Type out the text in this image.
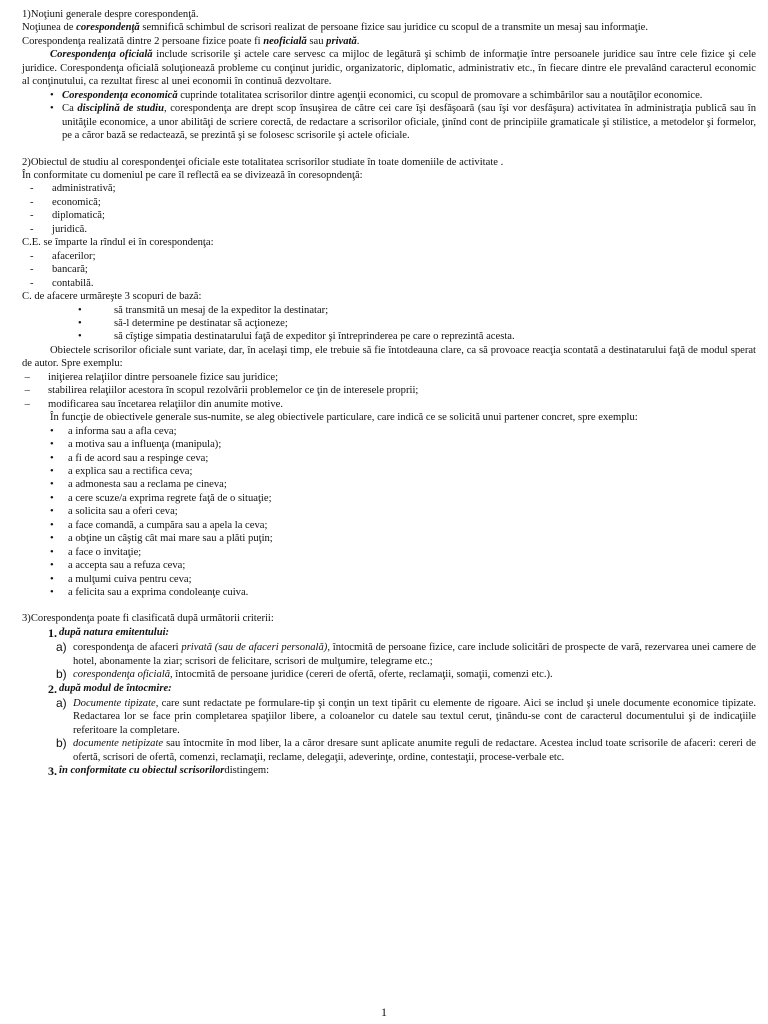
1)Noţiuni generale despre corespondenţă.

Noţiunea de corespondenţă semnifică schimbul de scrisori realizat de persoane fizice sau juridice cu scopul de a transmite un mesaj sau informaţie.

Corespondenţa realizată dintre 2 persoane fizice poate fi neoficială sau privată.

Corespondenţa oficială include scrisorile şi actele care servesc ca mijloc de legătură şi schimb de informaţie între persoanele juridice sau între cele fizice şi cele juridice. Corespondenţa oficială soluţionează probleme cu conţinut juridic, organizatoric, diplomatic, administrativ etc., în fiecare dintre ele prevalând caracterul economic al conţinutului, ca rezultat firesc al unei economii în continuă dezvoltare.

• Corespondenţa economică cuprinde totalitatea scrisorilor dintre agenţii economici, cu scopul de promovare a schimbărilor sau a noutăţilor economice.

• Ca disciplină de studiu, corespondenţa are drept scop însuşirea de către cei care îşi desfăşoară (sau îşi vor desfăşura) activitatea în administraţia publică sau în unităţile economice, a unor abilităţi de scriere corectă, de redactare a scrisorilor oficiale, ţinînd cont de principiile gramaticale şi stilistice, a metodelor şi formelor, pe a căror bază se redactează, se prezintă şi se folosesc scrisorile şi actele oficiale.

2)Obiectul de studiu al corespondenţei oficiale este totalitatea scrisorilor studiate în toate domeniile de activitate .

În conformitate cu domeniul pe care îl reflectă ea se divizează în coresopndenţă:

-	administrativă;
-	economică;
-	diplomatică;
-	juridică.

C.E. se împarte la rîndul ei în corespondenţa:

-	afacerilor;
-	bancară;
-	contabilă.

C. de afacere urmăreşte 3 scopuri de bază:

•	să transmită un mesaj de la expeditor la destinatar;
•	să-l determine pe destinatar să acţioneze;
•	să cîştige simpatia destinatarului faţă de expeditor şi întreprinderea pe care o reprezintă acesta.

Obiectele scrisorilor oficiale sunt variate, dar, în acelaşi timp, ele trebuie să fie întotdeauna clare, ca să provoace reacţia scontată a destinatarului faţă de modul sperat de autor. Spre exemplu:

–	iniţierea relaţiilor dintre persoanele fizice sau juridice;
–	stabilirea relaţiilor acestora în scopul rezolvării problemelor ce ţin de interesele proprii;
–	modificarea sau încetarea relaţiilor din anumite motive.

În funcţie de obiectivele generale sus-numite, se aleg obiectivele particulare, care indică ce se solicită unui partener concret, spre exemplu:

•	a informa sau a afla ceva;
•	a motiva sau a influenţa (manipula);
•	a fi de acord sau a respinge ceva;
•	a explica sau a rectifica ceva;
•	a admonesta sau a reclama pe cineva;
•	a cere scuze/a exprima regrete faţă de o situaţie;
•	a solicita sau a oferi ceva;
•	a face comandă, a cumpăra sau a apela la ceva;
•	a obţine un câştig cât mai mare sau a plăti puţin;
•	a face o invitaţie;
•	a accepta sau a refuza ceva;
•	a mulţumi cuiva pentru ceva;
•	a felicita sau a exprima condoleanţe cuiva.

3)Corespondenţa poate fi clasificată după următorii criterii:

1. după natura emitentului:
a) corespondenţa de afaceri privată (sau de afaceri personală), întocmită de persoane fizice, care include solicitări de prospecte de vară, rezervarea unei camere de hotel, abonamente la ziar; scrisori de felicitare, scrisori de mulţumire, telegrame etc.;

b) corespondenţa oficială, întocmită de persoane juridice (cereri de ofertă, oferte, reclamaţii, somaţii, comenzi etc.).

2. după modul de întocmire:
a) Documente tipizate, care sunt redactate pe formulare-tip şi conţin un text tipărit cu elemente de rigoare. Aici se includ şi unele documente economice tipizate. Redactarea lor se face prin completarea spaţiilor libere, a coloanelor cu datele sau textul cerut, ţinându-se cont de caracterul documentului şi de indicaţiile referitoare la completare.

b) documente netipizate sau întocmite în mod liber, la a căror dresare sunt aplicate anumite reguli de redactare. Acestea includ toate scrisorile de afaceri: cereri de ofertă, scrisori de ofertă, comenzi, reclamaţii, reclame, delegaţii, adeverinţe, ordine, contestaţii, procese-verbale etc.

3. în conformitate cu obiectul scrisorilor distingem:
1
